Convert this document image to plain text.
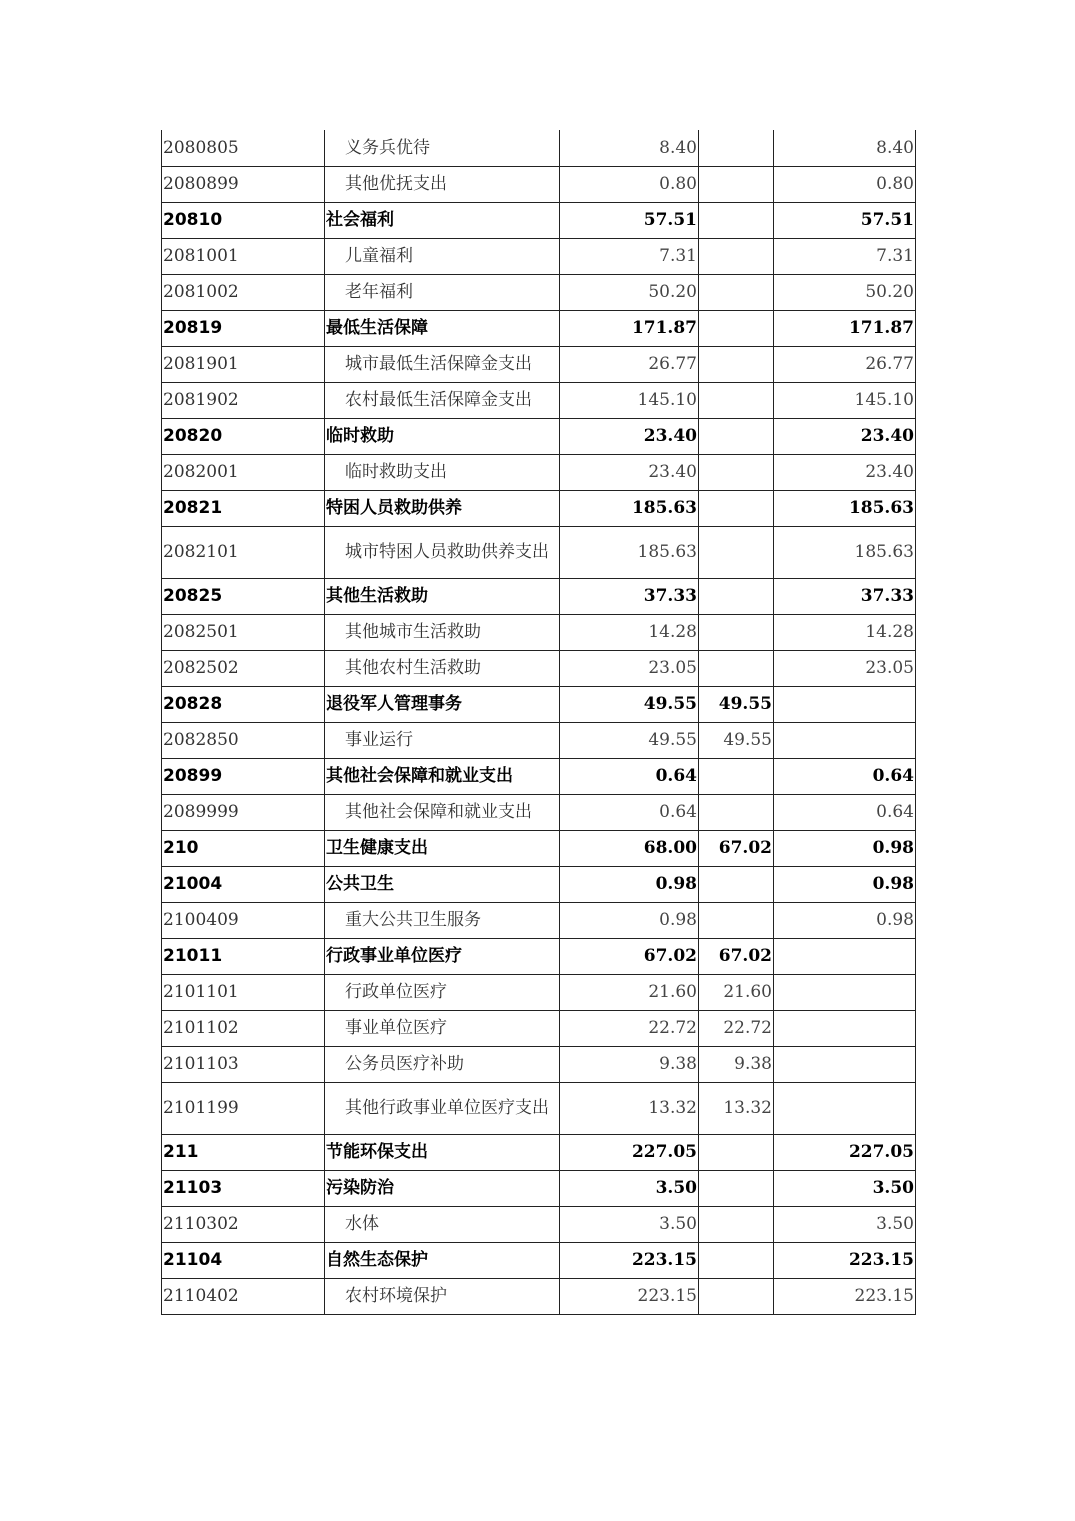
2080805	义务兵优待	8.40		8.40
2080899	其他优抚支出	0.80		0.80
20810	社会福利	57.51		57.51
2081001	儿童福利	7.31		7.31
2081002	老年福利	50.20		50.20
20819	最低生活保障	171.87		171.87
2081901	城市最低生活保障金支出	26.77		26.77
2081902	农村最低生活保障金支出	145.10		145.10
20820	临时救助	23.40		23.40
2082001	临时救助支出	23.40		23.40
20821	特困人员救助供养	185.63		185.63
2082101	城市特困人员救助供养支出	185.63		185.63
20825	其他生活救助	37.33		37.33
2082501	其他城市生活救助	14.28		14.28
2082502	其他农村生活救助	23.05		23.05
20828	退役军人管理事务	49.55	49.55	
2082850	事业运行	49.55	49.55	
20899	其他社会保障和就业支出	0.64		0.64
2089999	其他社会保障和就业支出	0.64		0.64
210	卫生健康支出	68.00	67.02	0.98
21004	公共卫生	0.98		0.98
2100409	重大公共卫生服务	0.98		0.98
21011	行政事业单位医疗	67.02	67.02	
2101101	行政单位医疗	21.60	21.60	
2101102	事业单位医疗	22.72	22.72	
2101103	公务员医疗补助	9.38	9.38	
2101199	其他行政事业单位医疗支出	13.32	13.32	
211	节能环保支出	227.05		227.05
21103	污染防治	3.50		3.50
2110302	水体	3.50		3.50
21104	自然生态保护	223.15		223.15
2110402	农村环境保护	223.15		223.15
